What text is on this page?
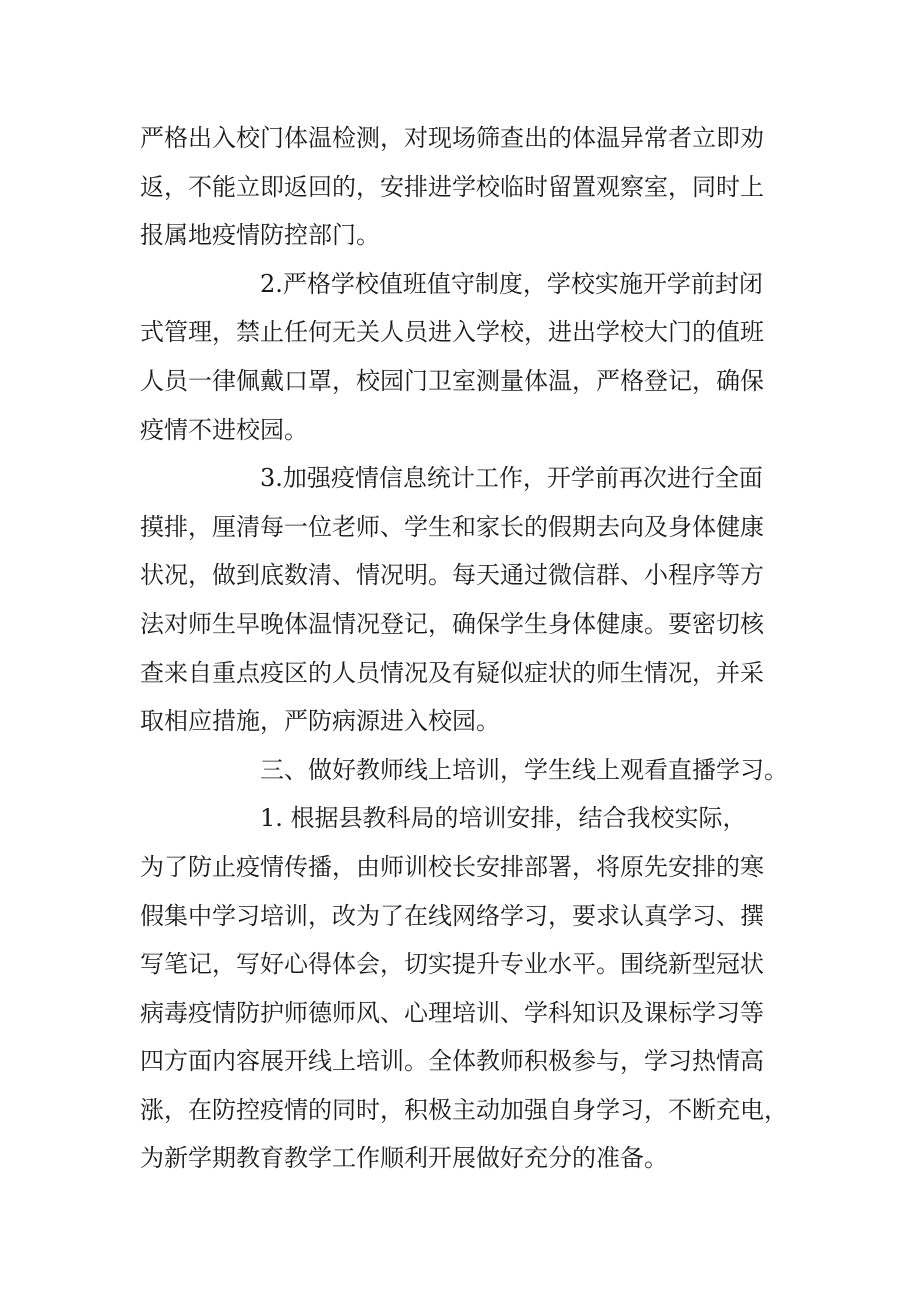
严格出入校门体温检测，对现场筛查出的体温异常者立即劝
返，不能立即返回的，安排进学校临时留置观察室，同时上
报属地疫情防控部门。
2.严格学校值班值守制度，学校实施开学前封闭
式管理，禁止任何无关人员进入学校，进出学校大门的值班
人员一律佩戴口罩，校园门卫室测量体温，严格登记，确保
疫情不进校园。
3.加强疫情信息统计工作，开学前再次进行全面
摸排，厘清每一位老师、学生和家长的假期去向及身体健康
状况，做到底数清、情况明。每天通过微信群、小程序等方
法对师生早晚体温情况登记，确保学生身体健康。要密切核
查来自重点疫区的人员情况及有疑似症状的师生情况，并采
取相应措施，严防病源进入校园。
三、做好教师线上培训，学生线上观看直播学习。
1. 根据县教科局的培训安排，结合我校实际，
为了防止疫情传播，由师训校长安排部署，将原先安排的寒
假集中学习培训，改为了在线网络学习，要求认真学习、撰
写笔记，写好心得体会，切实提升专业水平。围绕新型冠状
病毒疫情防护师德师风、心理培训、学科知识及课标学习等
四方面内容展开线上培训。全体教师积极参与，学习热情高
涨，在防控疫情的同时，积极主动加强自身学习，不断充电，
为新学期教育教学工作顺利开展做好充分的准备。
